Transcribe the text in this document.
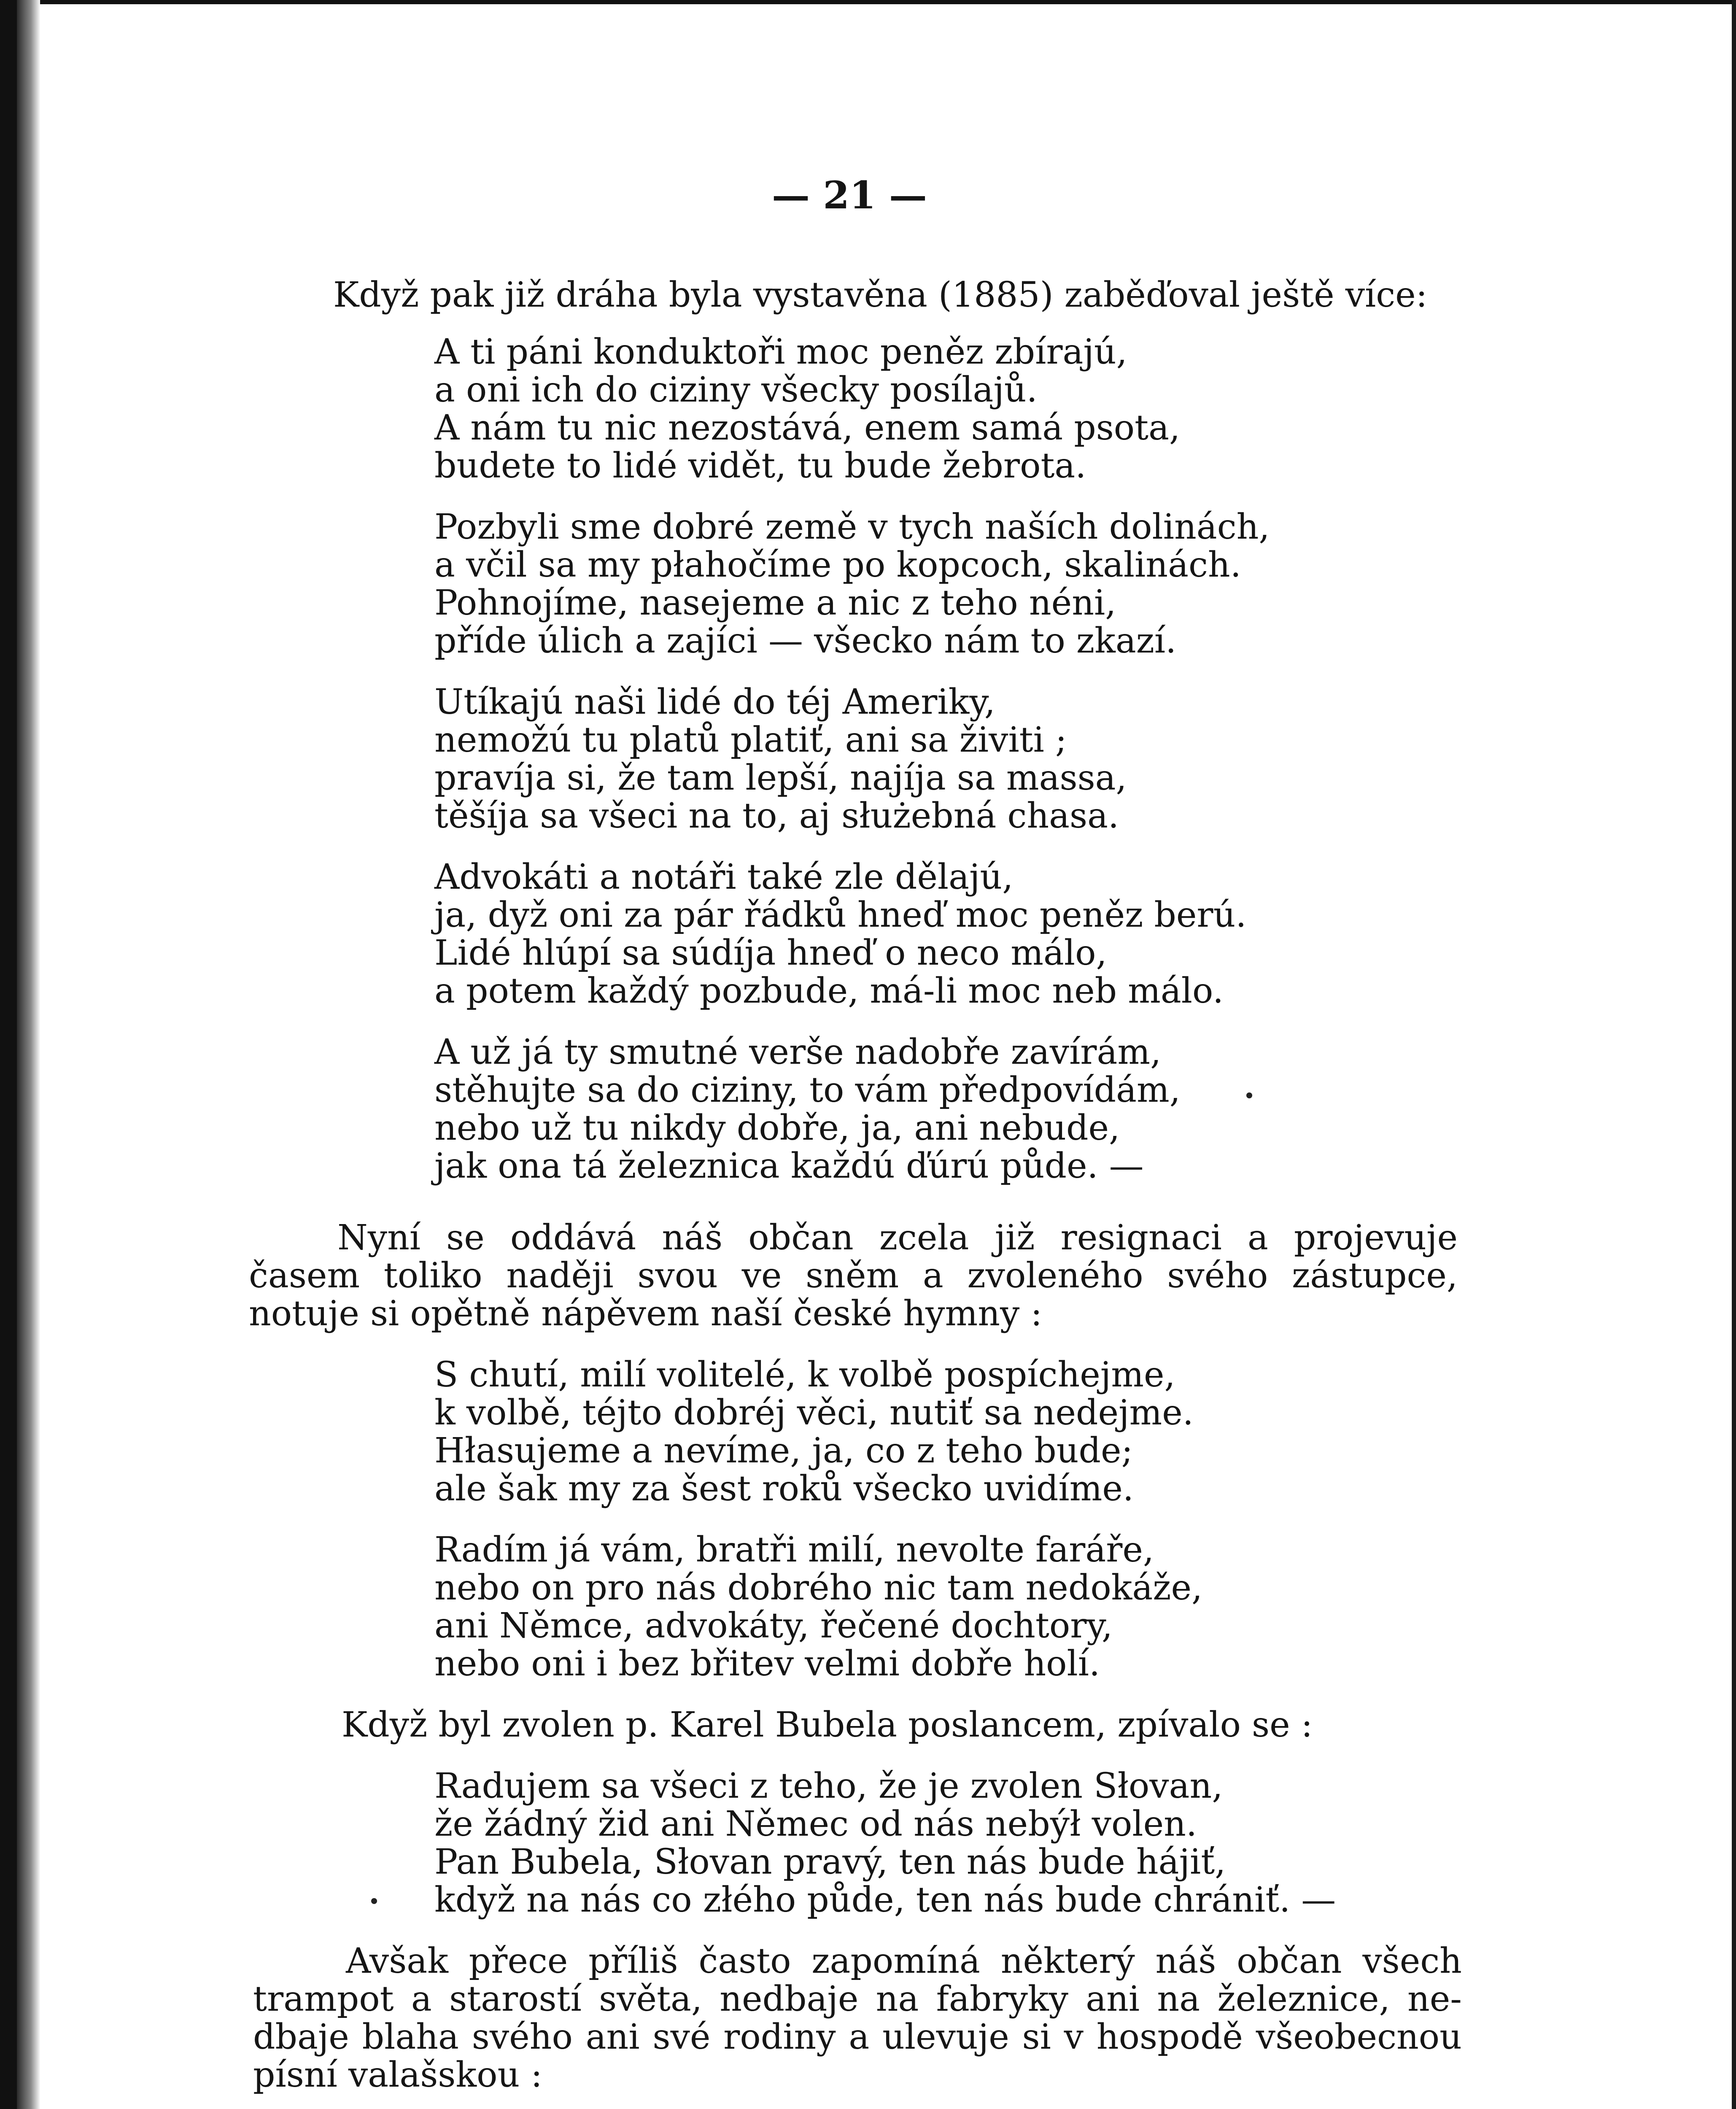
— 21 —
Když pak již dráha byla vystavěna (1885) zaběďoval ještě více:
A ti páni konduktoři moc peněz zbírajú,
a oni ich do ciziny všecky posílajů.
A nám tu nic nezostává, enem samá psota,
budete to lidé vidět, tu bude žebrota.
Pozbyli sme dobré země v tych naších dolinách,
a včil sa my płahočíme po kopcoch, skalinách.
Pohnojíme, nasejeme a nic z teho néni,
příde úlich a zajíci — všecko nám to zkazí.
Utíkajú naši lidé do téj Ameriky,
nemožú tu platů platiť, ani sa živiti ;
pravíja si, že tam lepší, najíja sa massa,
těšíja sa všeci na to, aj służebná chasa.
Advokáti a notáři také zle dělajú,
ja, dyž oni za pár řádků hneď moc peněz berú.
Lidé hlúpí sa súdíja hneď o neco málo,
a potem každý pozbude, má-li moc neb málo.
A už já ty smutné verše nadobře zavírám,
stěhujte sa do ciziny, to vám předpovídám,
nebo už tu nikdy dobře, ja, ani nebude,
jak ona tá železnica každú ďúrú půde. —
Nyní se oddává náš občan zcela již resignaci a projevuje
časem toliko naději svou ve sněm a zvoleného svého zástupce,
notuje si opětně nápěvem naší české hymny :
S chutí, milí volitelé, k volbě pospíchejme,
k volbě, téjto dobréj věci, nutiť sa nedejme.
Hłasujeme a nevíme, ja, co z teho bude;
ale šak my za šest roků všecko uvidíme.
Radím já vám, bratři milí, nevolte faráře,
nebo on pro nás dobrého nic tam nedokáže,
ani Němce, advokáty, řečené dochtory,
nebo oni i bez břitev velmi dobře holí.
Když byl zvolen p. Karel Bubela poslancem, zpívalo se :
Radujem sa všeci z teho, že je zvolen Słovan,
že žádný žid ani Němec od nás nebýł volen.
Pan Bubela, Słovan pravý, ten nás bude hájiť,
když na nás co złého půde, ten nás bude chrániť. —
Avšak přece příliš často zapomíná některý náš občan všech
trampot a starostí světa, nedbaje na fabryky ani na železnice, ne-
dbaje blaha svého ani své rodiny a ulevuje si v hospodě všeobecnou
písní valašskou :
